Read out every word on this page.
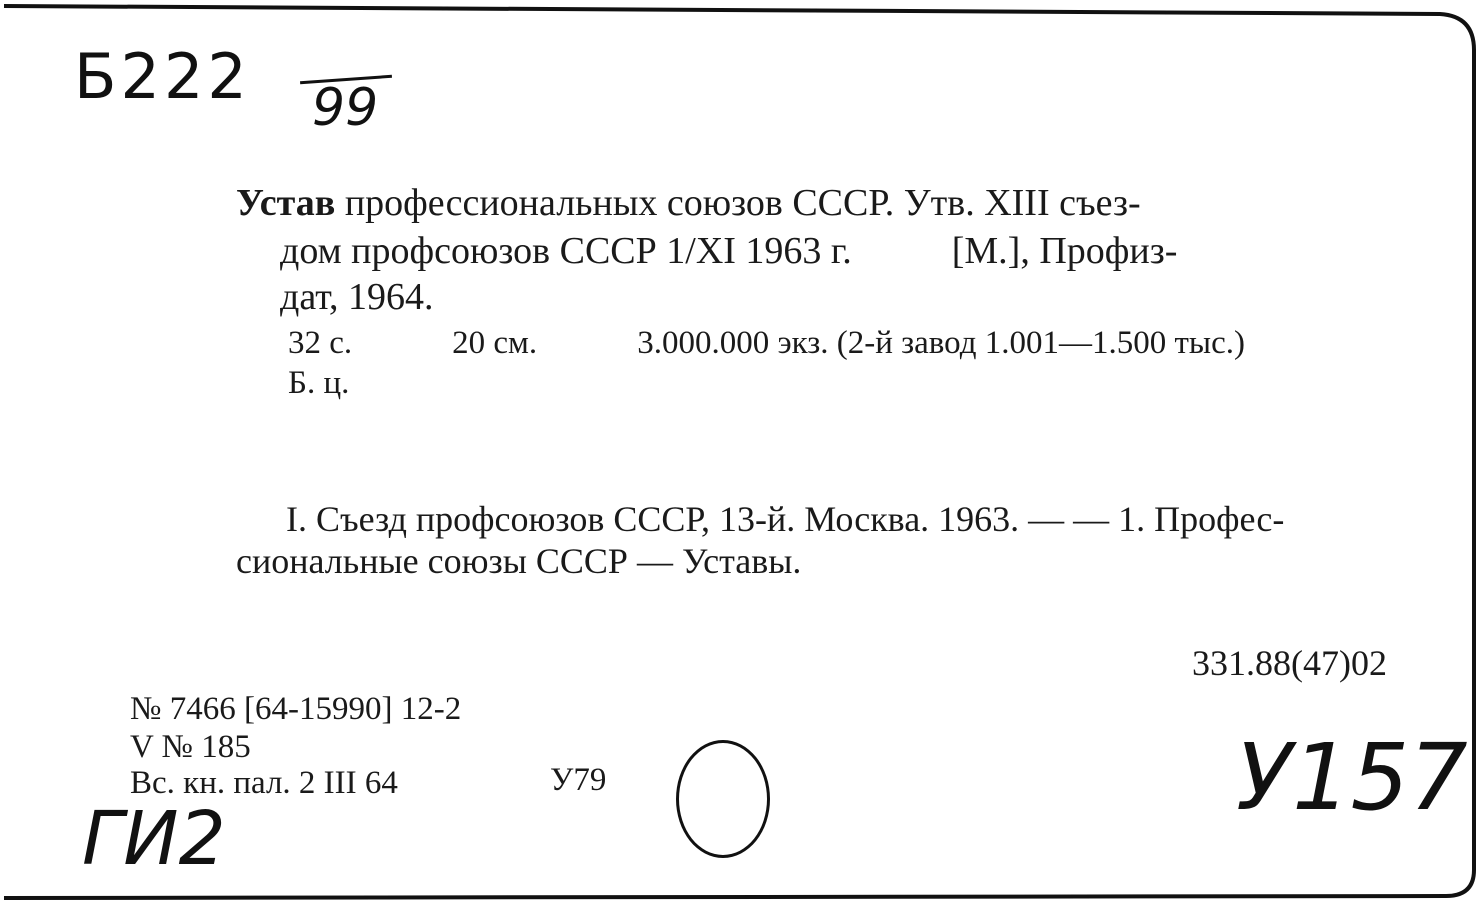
Б222 99
Устав профессиональных союзов СССР. Утв. XIII съез-
дом профсоюзов СССР 1/XI 1963 г.	[М.], Профиз-
дат, 1964.
32 с.	20 см.	3.000.000 экз. (2-й завод 1.001—1.500 тыс.)
Б. ц.
I. Съезд профсоюзов СССР, 13-й. Москва. 1963. — — 1. Профес-
сиональные союзы СССР — Уставы.
331.88(47)02
№ 7466 [64-15990] 12-2
V № 185
Вс. кн. пал. 2 III 64	У79
ГИ2
У157
